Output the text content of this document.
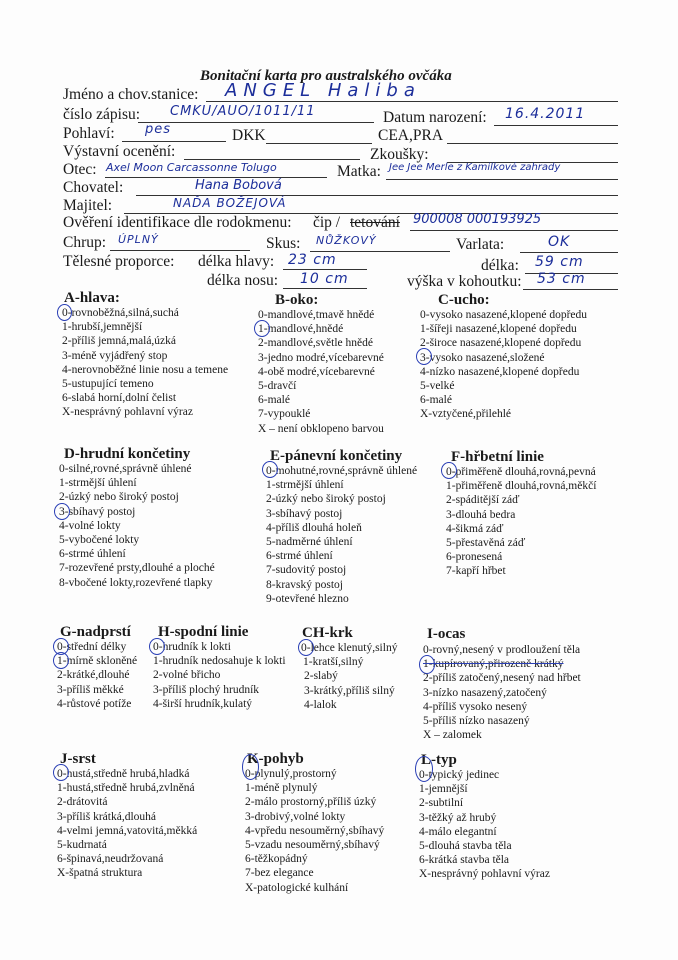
Bonitační karta pro australského ovčáka
Jméno a chov.stanice: ANGEL Haliba
číslo zápisu: CMKU/AUO/1011/11	Datum narození: 16.4.2011
Pohlaví: pes	DKK	CEA,PRA
Výstavní ocenění:	Zkoušky:
Otec: Axel Moon Carcassonne Tolugo	Matka: Jee Jee Merle z Kamilkové zahrady
Chovatel:	Hana Bobová
Majitel:	NAĎA BOŽEJOVÁ
Ověření identifikace dle rodokmenu: čip / tetování 900008 000193925
Chrup: ÚPLNÝ	Skus: NŮŽKOVÝ	Varlata:	OK
Tělesné proporce: délka hlavy: 23 cm	délka: 59 cm
délka nosu: 10 cm	výška v kohoutku: 53 cm
A-hlava:
0-rovnoběžná,silná,suchá
1-hrubší,jemnější
2-příliš jemná,malá,úzká
3-méně vyjádřený stop
4-nerovnoběžné linie nosu a temene
5-ustupující temeno
6-slabá horní,dolní čelist
X-nesprávný pohlavní výraz
B-oko:
0-mandlové,tmavě hnědé
1-mandlové,hnědé
2-mandlové,světle hnědé
3-jedno modré,vícebarevné
4-obě modré,vícebarevné
5-dravčí
6-malé
7-vypouklé
X – není obklopeno barvou
C-ucho:
0-vysoko nasazené,klopené dopředu
1-šířeji nasazené,klopené dopředu
2-široce nasazené,klopené dopředu
3-vysoko nasazené,složené
4-nízko nasazené,klopené dopředu
5-velké
6-malé
X-vztyčené,přilehlé
D-hrudní končetiny
0-silné,rovné,správně úhlené
1-strmější úhlení
2-úzký nebo široký postoj
3-sbíhavý postoj
4-volné lokty
5-vybočené lokty
6-strmé úhlení
7-rozevřené prsty,dlouhé a ploché
8-vbočené lokty,rozevřené tlapky
E-pánevní končetiny
0-mohutné,rovné,správně úhlené
1-strmější úhlení
2-úzký nebo široký postoj
3-sbíhavý postoj
4-příliš dlouhá holeň
5-nadměrné úhlení
6-strmé úhlení
7-sudovitý postoj
8-kravský postoj
9-otevřené hlezno
F-hřbetní linie
0-přiměřeně dlouhá,rovná,pevná
1-přiměřeně dlouhá,rovná,měkčí
2-spáditější záď
3-dlouhá bedra
4-šikmá záď
5-přestavěná záď
6-pronesená
7-kapří hřbet
G-nadprstí
0-střední délky
1-mírně skloněné
2-krátké,dlouhé
3-příliš měkké
4-růstové potíže
H-spodní linie
0-hrudník k lokti
1-hrudník nedosahuje k lokti
2-volné břicho
3-příliš plochý hrudník
4-širší hrudník,kulatý
CH-krk
0-lehce klenutý,silný
1-kratší,silný
2-slabý
3-krátký,příliš silný
4-lalok
I-ocas
0-rovný,nesený v prodloužení těla
1-kupírovaný,přirozeně krátký
2-příliš zatočený,nesený nad hřbet
3-nízko nasazený,zatočený
4-příliš vysoko nesený
5-příliš nízko nasazený
X – zalomek
J-srst
0-hustá,středně hrubá,hladká
1-hustá,středně hrubá,zvlněná
2-drátovitá
3-příliš krátká,dlouhá
4-velmi jemná,vatovitá,měkká
5-kudrnatá
6-špinavá,neudržovaná
X-špatná struktura
K-pohyb
0-plynulý,prostorný
1-méně plynulý
2-málo prostorný,příliš úzký
3-drobivý,volné lokty
4-vpředu nesouměrný,sbíhavý
5-vzadu nesouměrný,sbíhavý
6-těžkopádný
7-bez elegance
X-patologické kulhání
L-typ
0-typický jedinec
1-jemnější
2-subtilní
3-těžký až hrubý
4-málo elegantní
5-dlouhá stavba těla
6-krátká stavba těla
X-nesprávný pohlavní výraz
